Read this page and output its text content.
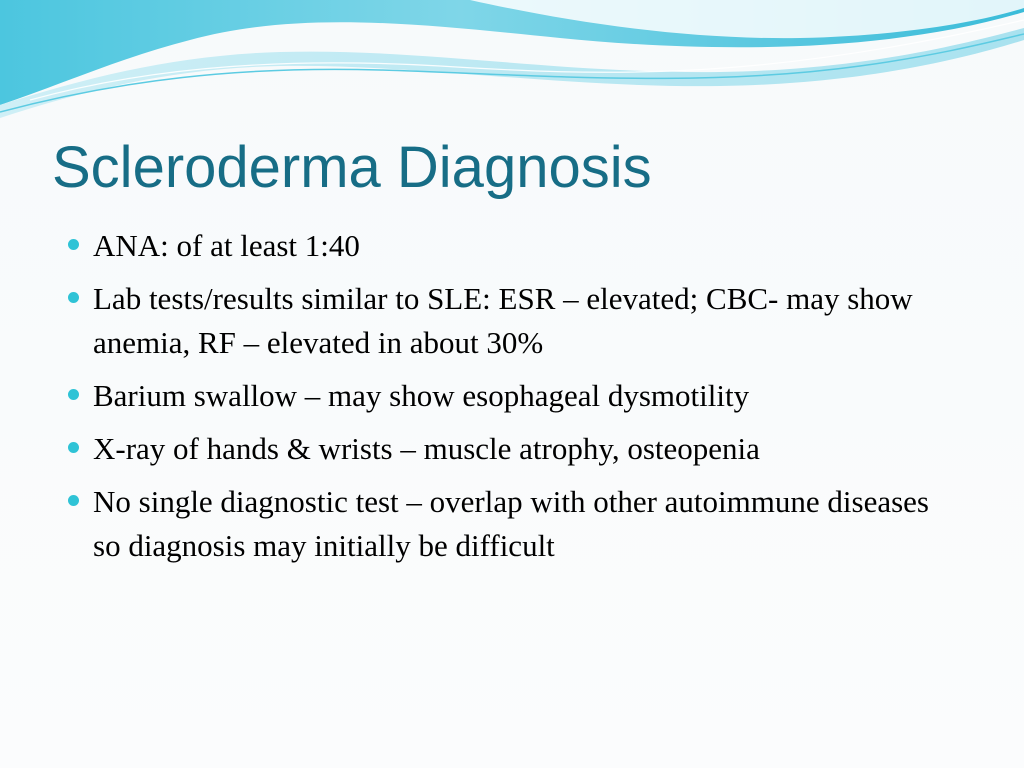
Scleroderma Diagnosis
ANA: of at least 1:40
Lab tests/results similar to SLE: ESR – elevated; CBC- may show anemia, RF – elevated in about 30%
Barium swallow – may show esophageal dysmotility
X-ray of hands & wrists – muscle atrophy, osteopenia
No single diagnostic test – overlap with other autoimmune diseases so diagnosis may initially be difficult
